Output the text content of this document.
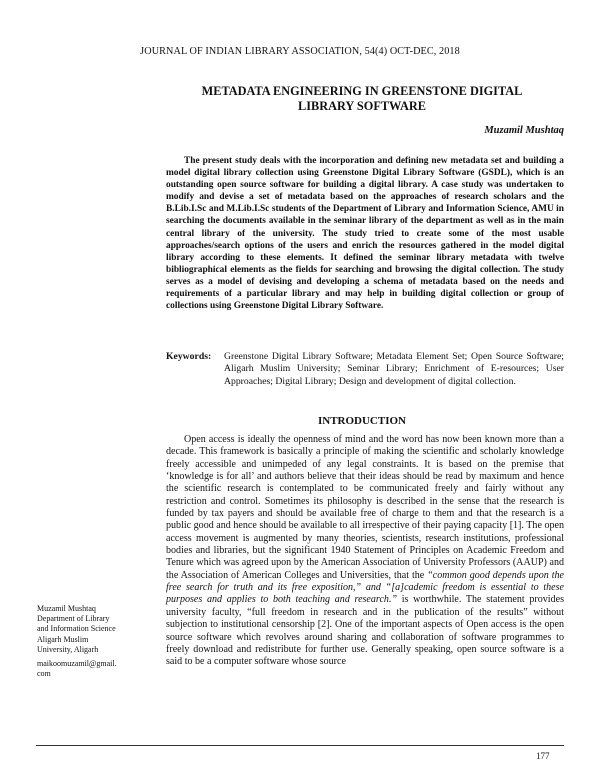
JOURNAL OF INDIAN LIBRARY ASSOCIATION, 54(4) OCT-DEC, 2018
METADATA ENGINEERING IN GREENSTONE DIGITAL
LIBRARY SOFTWARE
Muzamil Mushtaq

The present study deals with the incorporation and defining new metadata set and building a model digital library collection using Greenstone Digital Library Software (GSDL), which is an outstanding open source software for building a digital library. A case study was undertaken to modify and devise a set of metadata based on the approaches of research scholars and the B.Lib.I.Sc and M.Lib.I.Sc students of the Department of Library and Information Science, AMU in searching the documents available in the seminar library of the department as well as in the main central library of the university. The study tried to create some of the most usable approaches/search options of the users and enrich the resources gathered in the model digital library according to these elements. It defined the seminar library metadata with twelve bibliographical elements as the fields for searching and browsing the digital collection. The study serves as a model of devising and developing a schema of metadata based on the needs and requirements of a particular library and may help in building digital collection or group of collections using Greenstone Digital Library Software.

Keywords: Greenstone Digital Library Software; Metadata Element Set; Open Source Software; Aligarh Muslim University; Seminar Library; Enrichment of E-resources; User Approaches; Digital Library; Design and development of digital collection.

INTRODUCTION

Open access is ideally the openness of mind and the word has now been known more than a decade. This framework is basically a principle of making the scientific and scholarly knowledge freely accessible and unimpeded of any legal constraints. It is based on the premise that ‘knowledge is for all’ and authors believe that their ideas should be read by maximum and hence the scientific research is contemplated to be communicated freely and fairly without any restriction and control. Sometimes its philosophy is described in the sense that the research is funded by tax payers and should be available free of charge to them and that the research is a public good and hence should be available to all irrespective of their paying capacity [1]. The open access movement is augmented by many theories, scientists, research institutions, professional bodies and libraries, but the significant 1940 Statement of Principles on Academic Freedom and Tenure which was agreed upon by the American Association of University Professors (AAUP) and the Association of American Colleges and Universities, that the “common good depends upon the free search for truth and its free exposition,” and “[a]cademic freedom is essential to these purposes and applies to both teaching and research.” is worthwhile. The statement provides university faculty, “full freedom in research and in the publication of the results” without subjection to institutional censorship [2]. One of the important aspects of Open access is the open source software which revolves around sharing and collaboration of software programmes to freely download and redistribute for further use. Generally speaking, open source software is a said to be a computer software whose source

Muzamil Mushtaq
Department of Library
and Information Science
Aligarh Muslim
University, Aligarh
maikoomuzamil@gmail.
com
177
